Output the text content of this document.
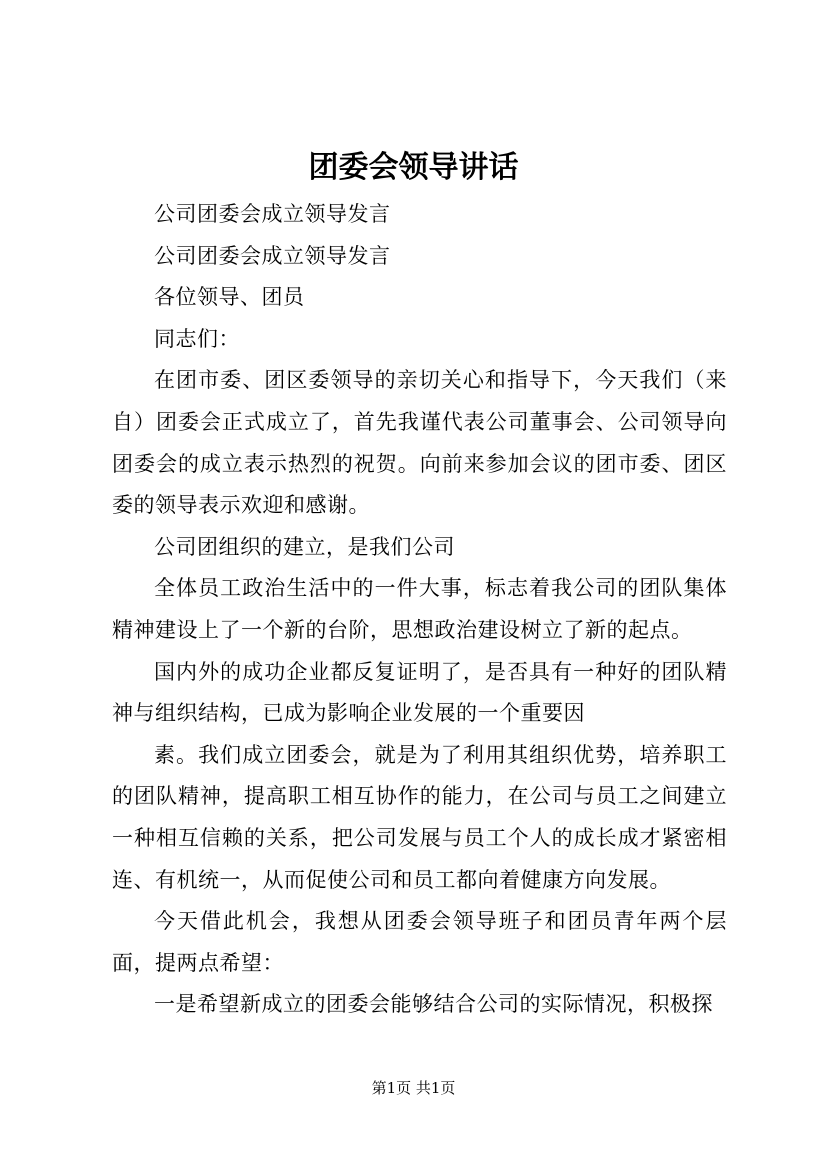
团委会领导讲话

公司团委会成立领导发言

公司团委会成立领导发言

各位领导、团员

同志们：

在团市委、团区委领导的亲切关心和指导下，今天我们（来自）团委会正式成立了，首先我谨代表公司董事会、公司领导向团委会的成立表示热烈的祝贺。向前来参加会议的团市委、团区委的领导表示欢迎和感谢。

公司团组织的建立，是我们公司

全体员工政治生活中的一件大事，标志着我公司的团队集体精神建设上了一个新的台阶，思想政治建设树立了新的起点。

国内外的成功企业都反复证明了，是否具有一种好的团队精神与组织结构，已成为影响企业发展的一个重要因

素。我们成立团委会，就是为了利用其组织优势，培养职工的团队精神，提高职工相互协作的能力，在公司与员工之间建立一种相互信赖的关系，把公司发展与员工个人的成长成才紧密相连、有机统一，从而促使公司和员工都向着健康方向发展。

今天借此机会，我想从团委会领导班子和团员青年两个层面，提两点希望：

一是希望新成立的团委会能够结合公司的实际情况，积极探

第1页 共1页
